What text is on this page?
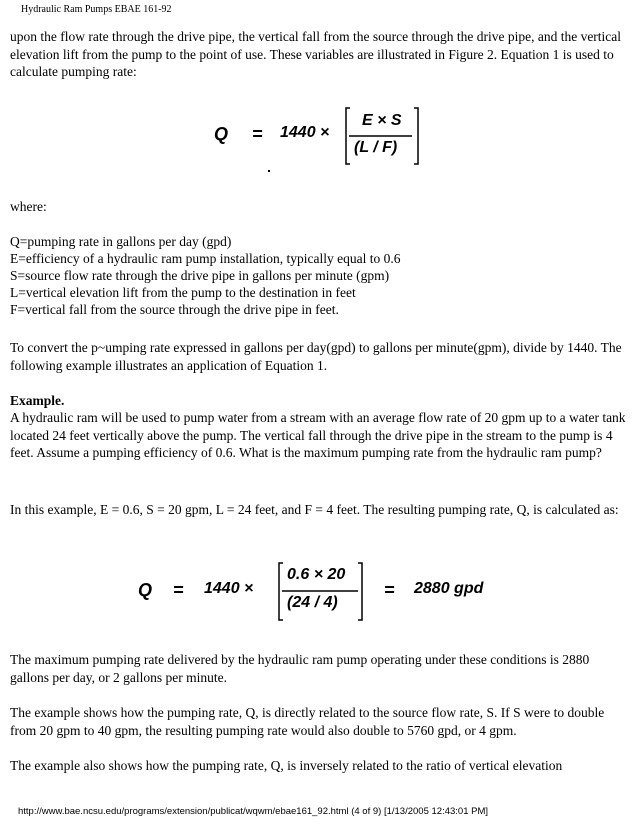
Hydraulic Ram Pumps EBAE 161-92

upon the flow rate through the drive pipe, the vertical fall from the source through the drive pipe, and the vertical elevation lift from the pump to the point of use. These variables are illustrated in Figure 2. Equation 1 is used to calculate pumping rate:

Q = 1440 ×
E × S
(L / F)

where:

Q=pumping rate in gallons per day (gpd)

E=efficiency of a hydraulic ram pump installation, typically equal to 0.6

S=source flow rate through the drive pipe in gallons per minute (gpm)

L=vertical elevation lift from the pump to the destination in feet

F=vertical fall from the source through the drive pipe in feet.

To convert the p~umping rate expressed in gallons per day(gpd) to gallons per minute(gpm), divide by 1440. The following example illustrates an application of Equation 1.

Example.

A hydraulic ram will be used to pump water from a stream with an average flow rate of 20 gpm up to a water tank located 24 feet vertically above the pump. The vertical fall through the drive pipe in the stream to the pump is 4 feet. Assume a pumping efficiency of 0.6. What is the maximum pumping rate from the hydraulic ram pump?

In this example, E = 0.6, S = 20 gpm, L = 24 feet, and F = 4 feet. The resulting pumping rate, Q, is calculated as:

Q = 1440 ×
0.6 × 20
(24 / 4)
= 2880 gpd

The maximum pumping rate delivered by the hydraulic ram pump operating under these conditions is 2880 gallons per day, or 2 gallons per minute.

The example shows how the pumping rate, Q, is directly related to the source flow rate, S. If S were to double from 20 gpm to 40 gpm, the resulting pumping rate would also double to 5760 gpd, or 4 gpm.

The example also shows how the pumping rate, Q, is inversely related to the ratio of vertical elevation

http://www.bae.ncsu.edu/programs/extension/publicat/wqwm/ebae161_92.html (4 of 9) [1/13/2005 12:43:01 PM]
